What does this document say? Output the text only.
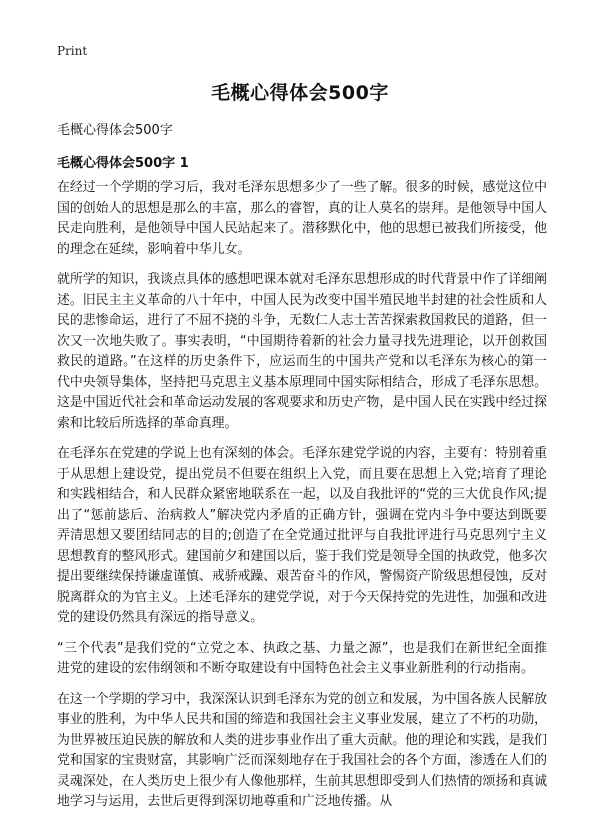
Print
毛概心得体会500字

毛概心得体会500字

毛概心得体会500字 1

在经过一个学期的学习后，我对毛泽东思想多少了一些了解。很多的时候，感觉这位中国的创始人的思想是那么的丰富，那么的睿智，真的让人莫名的崇拜。是他领导中国人民走向胜利，是他领导中国人民站起来了。潜移默化中，他的思想已被我们所接受，他的理念在延续，影响着中华儿女。

就所学的知识，我谈点具体的感想吧课本就对毛泽东思想形成的时代背景中作了详细阐述。旧民主主义革命的八十年中，中国人民为改变中国半殖民地半封建的社会性质和人民的悲惨命运，进行了不屈不挠的斗争，无数仁人志士苦苦探索救国救民的道路，但一次又一次地失败了。事实表明，“中国期待着新的社会力量寻找先进理论，以开创救国救民的道路。”在这样的历史条件下，应运而生的中国共产党和以毛泽东为核心的第一代中央领导集体，坚持把马克思主义基本原理同中国实际相结合，形成了毛泽东思想。这是中国近代社会和革命运动发展的客观要求和历史产物，是中国人民在实践中经过探索和比较后所选择的革命真理。

在毛泽东在党建的学说上也有深刻的体会。毛泽东建党学说的内容，主要有：特别着重于从思想上建设党，提出党员不但要在组织上入党，而且要在思想上入党;培育了理论和实践相结合，和人民群众紧密地联系在一起，以及自我批评的“党的三大优良作风;提出了“惩前毖后、治病救人”解决党内矛盾的正确方针，强调在党内斗争中要达到既要弄清思想又要团结同志的目的;创造了在全党通过批评与自我批评进行马克思列宁主义思想教育的整风形式。建国前夕和建国以后，鉴于我们党是领导全国的执政党，他多次提出要继续保持谦虚谨慎、戒骄戒躁、艰苦奋斗的作风，警惕资产阶级思想侵蚀，反对脱离群众的为官主义。上述毛泽东的建党学说，对于今天保持党的先进性，加强和改进党的建设仍然具有深远的指导意义。

“三个代表”是我们党的“立党之本、执政之基、力量之源”，也是我们在新世纪全面推进党的建设的宏伟纲领和不断夺取建设有中国特色社会主义事业新胜利的行动指南。

在这一个学期的学习中，我深深认识到毛泽东为党的创立和发展，为中国各族人民解放事业的胜利，为中华人民共和国的缔造和我国社会主义事业发展，建立了不朽的功勋，为世界被压迫民族的解放和人类的进步事业作出了重大贡献。他的理论和实践，是我们党和国家的宝贵财富，其影响广泛而深刻地存在于我国社会的各个方面，渗透在人们的灵魂深处，在人类历史上很少有人像他那样，生前其思想即受到人们热情的颂扬和真诚地学习与运用，去世后更得到深切地尊重和广泛地传播。从
